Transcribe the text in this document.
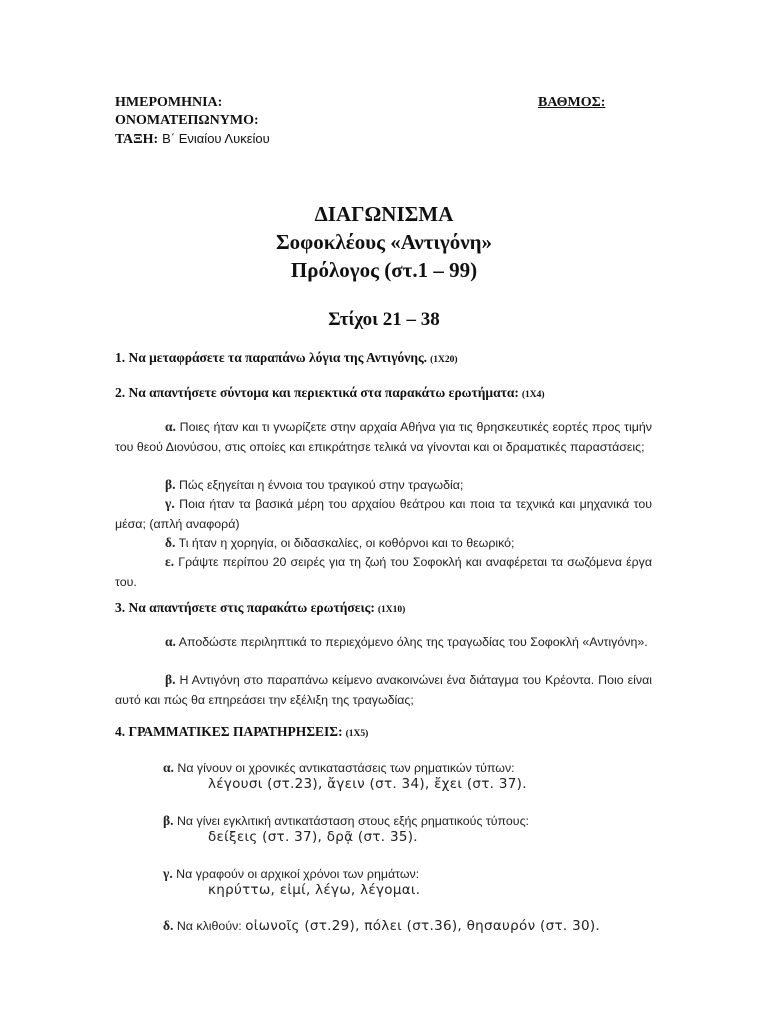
ΗΜΕΡΟΜΗΝΙΑ:	ΒΑΘΜΟΣ:
ΟΝΟΜΑΤΕΠΩΝΥΜΟ:
ΤΑΞΗ: Β΄ Ενιαίου Λυκείου
ΔΙΑΓΩΝΙΣΜΑ
Σοφοκλέους «Αντιγόνη»
Πρόλογος (στ.1 – 99)
Στίχοι 21 – 38
1. Να μεταφράσετε τα παραπάνω λόγια της Αντιγόνης. (1Χ20)
2. Να απαντήσετε σύντομα και περιεκτικά στα παρακάτω ερωτήματα: (1Χ4)
α. Ποιες ήταν και τι γνωρίζετε στην αρχαία Αθήνα για τις θρησκευτικές εορτές προς τιμήν του θεού Διονύσου, στις οποίες και επικράτησε τελικά να γίνονται και οι δραματικές παραστάσεις;
β. Πώς εξηγείται η έννοια του τραγικού στην τραγωδία;
γ. Ποια ήταν τα βασικά μέρη του αρχαίου θεάτρου και ποια τα τεχνικά και μηχανικά του μέσα; (απλή αναφορά)
δ. Τι ήταν η χορηγία, οι διδασκαλίες, οι κοθόρνοι και το θεωρικό;
ε. Γράψτε περίπου 20 σειρές για τη ζωή του Σοφοκλή και αναφέρεται τα σωζόμενα έργα του.
3. Να απαντήσετε στις παρακάτω ερωτήσεις: (1Χ10)
α. Αποδώστε περιληπτικά το περιεχόμενο όλης της τραγωδίας του Σοφοκλή «Αντιγόνη».
β. Η Αντιγόνη στο παραπάνω κείμενο ανακοινώνει ένα διάταγμα του Κρέοντα. Ποιο είναι αυτό και πώς θα επηρεάσει την εξέλιξη της τραγωδίας;
4. ΓΡΑΜΜΑΤΙΚΕΣ ΠΑΡΑΤΗΡΗΣΕΙΣ: (1Χ5)
α. Να γίνουν οι χρονικές αντικαταστάσεις των ρηματικών τύπων:
λέγουσι (στ.23), ἄγειν (στ. 34), ἔχει (στ. 37).
β. Να γίνει εγκλιτική αντικατάσταση στους εξής ρηματικούς τύπους:
δείξεις (στ. 37), δρᾷ (στ. 35).
γ. Να γραφούν οι αρχικοί χρόνοι των ρημάτων:
κηρύττω, εἰμί, λέγω, λέγομαι.
δ. Να κλιθούν: οἰωνοῖς (στ.29), πόλει (στ.36), θησαυρόν (στ. 30).
